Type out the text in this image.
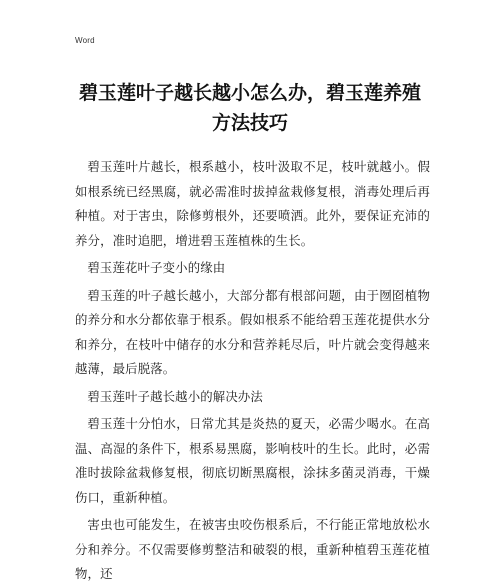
Word
碧玉莲叶子越长越小怎么办，碧玉莲养殖
方法技巧

碧玉莲叶片越长，根系越小，枝叶汲取不足，枝叶就越小。假如根系统已经黑腐，就必需准时拔掉盆栽修复根，消毒处理后再种植。对于害虫，除修剪根外，还要喷洒。此外，要保证充沛的养分，准时追肥，增进碧玉莲植株的生长。

碧玉莲花叶子变小的缘由

碧玉莲的叶子越长越小，大部分都有根部问题，由于囫囵植物的养分和水分都依靠于根系。假如根系不能给碧玉莲花提供水分和养分，在枝叶中储存的水分和营养耗尽后，叶片就会变得越来越薄，最后脱落。

碧玉莲叶子越长越小的解决办法

碧玉莲十分怕水，日常尤其是炎热的夏天，必需少喝水。在高温、高湿的条件下，根系易黑腐，影响枝叶的生长。此时，必需准时拔除盆栽修复根，彻底切断黑腐根，涂抹多菌灵消毒，干燥伤口，重新种植。

害虫也可能发生，在被害虫咬伤根系后，不行能正常地放松水分和养分。不仅需要修剪整洁和破裂的根，重新种植碧玉莲花植物，还
